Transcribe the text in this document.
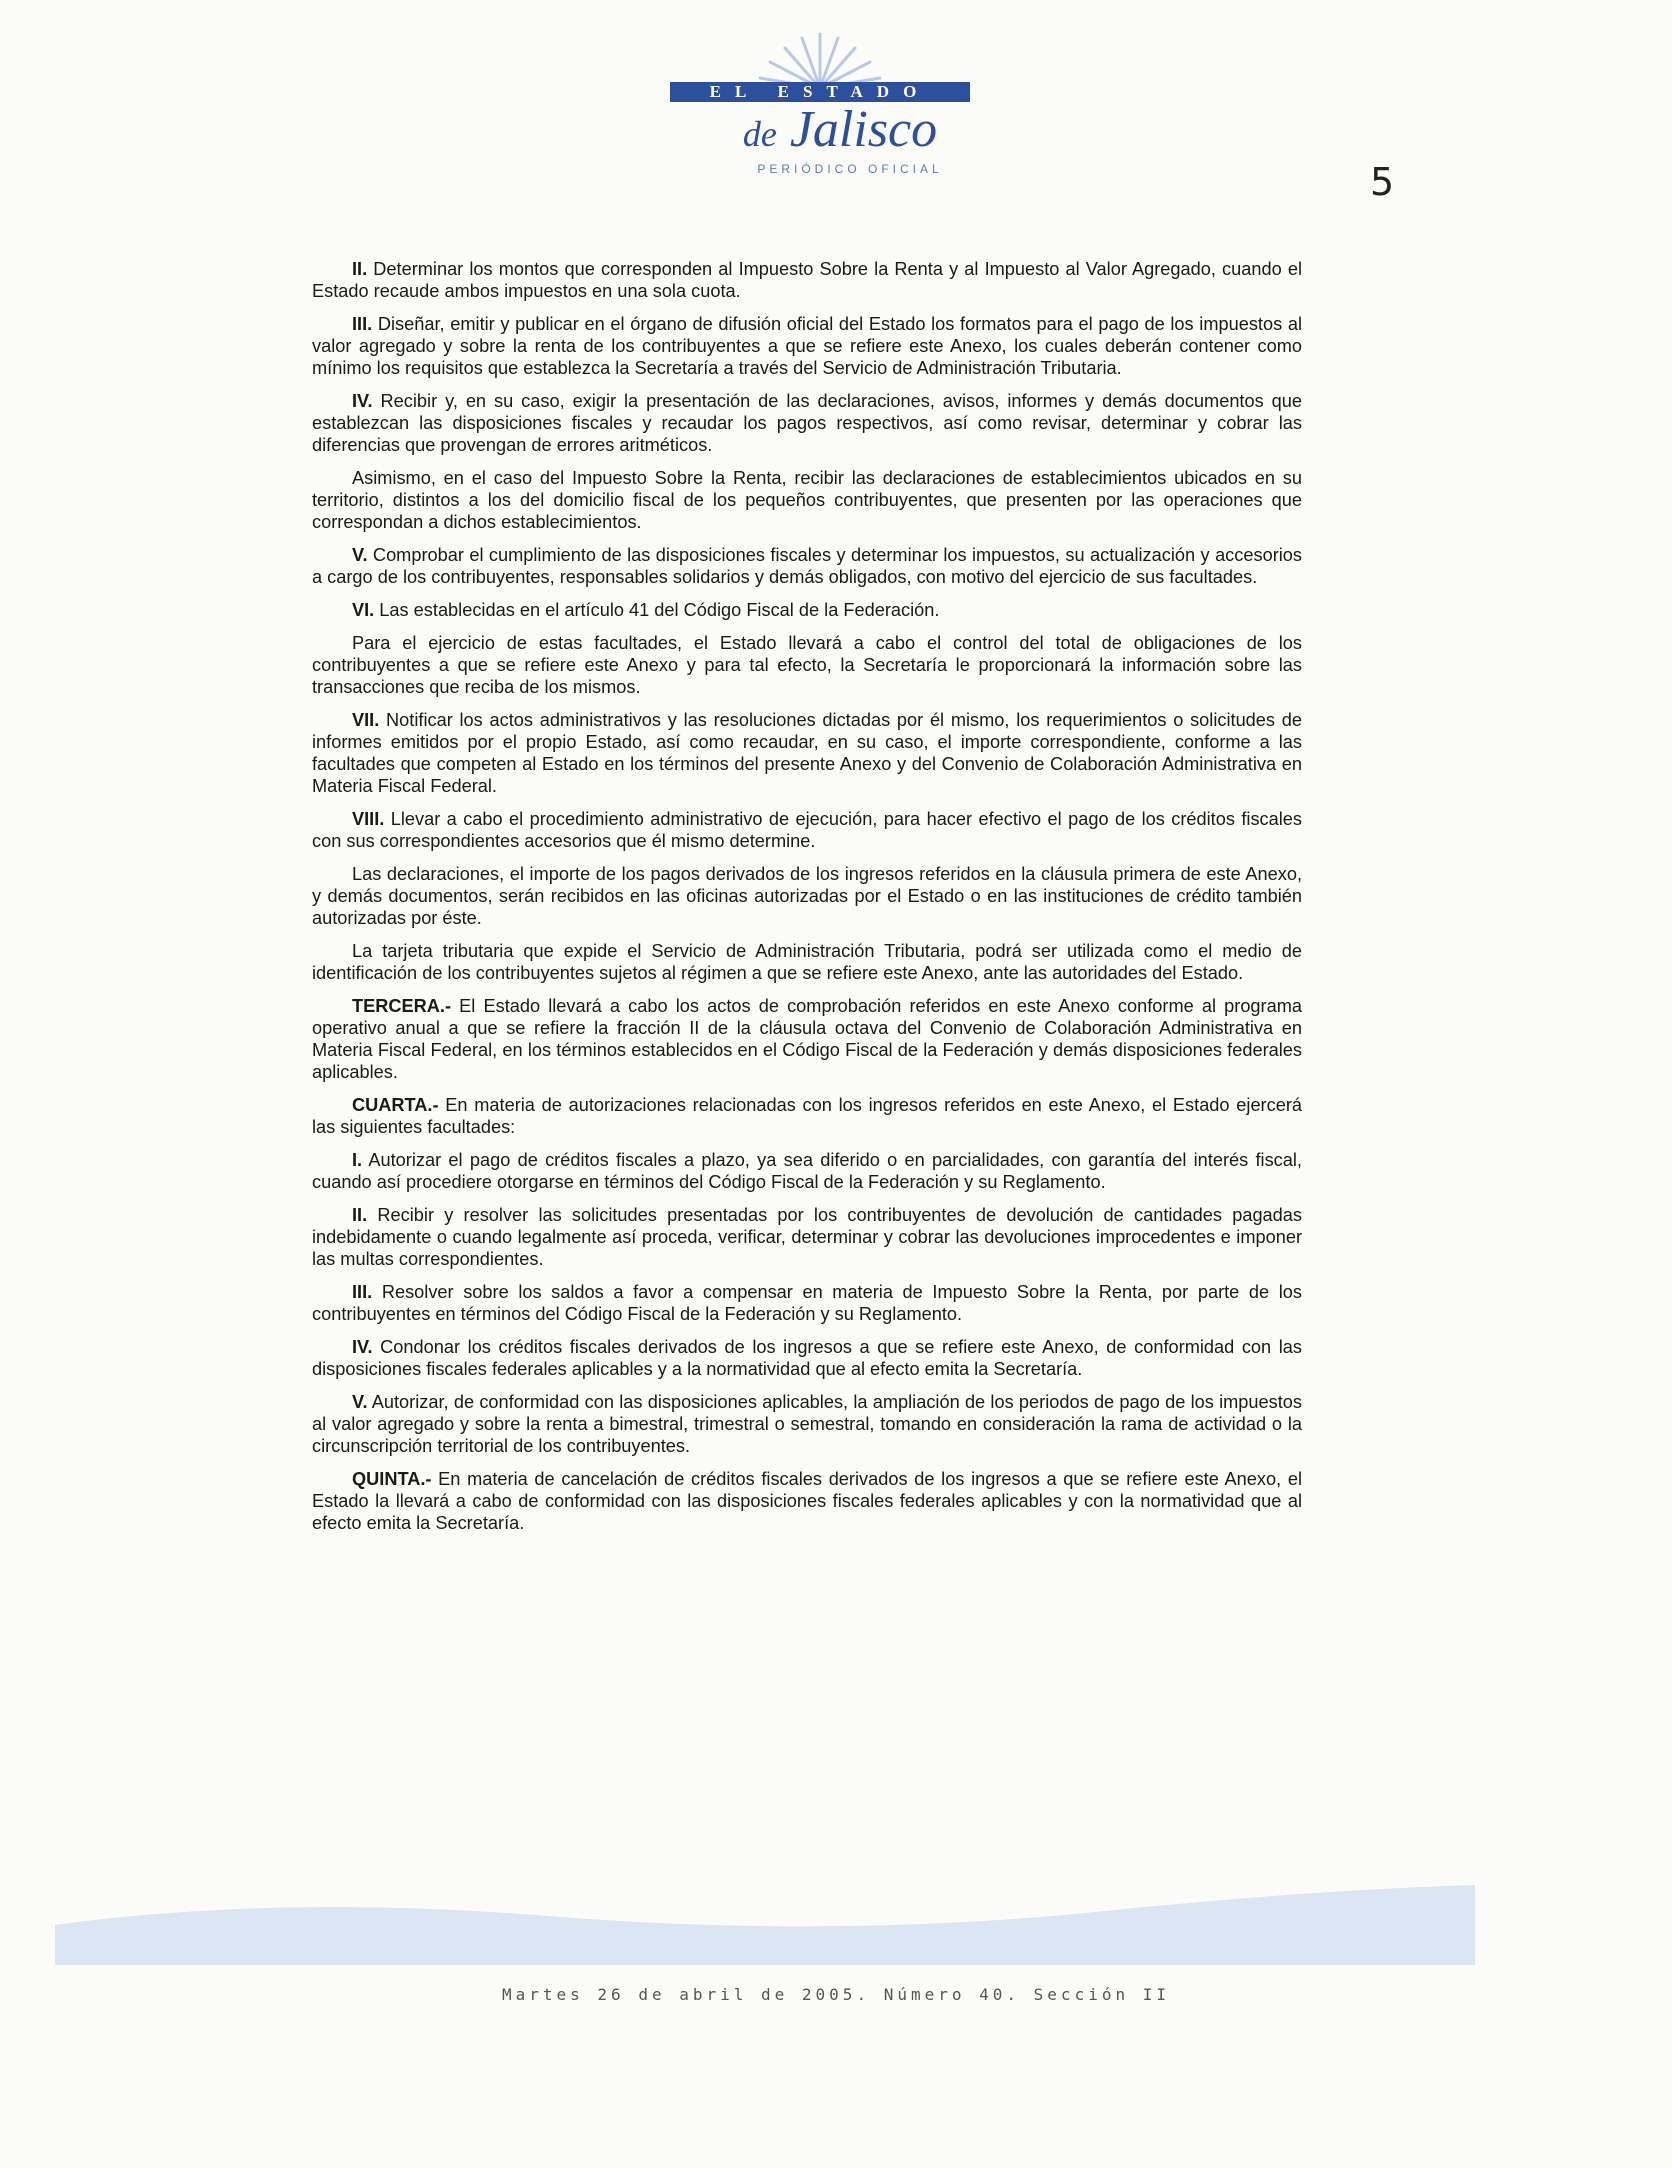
EL ESTADO
de Jalisco
PERIÓDICO OFICIAL	5

II. Determinar los montos que corresponden al Impuesto Sobre la Renta y al Impuesto al Valor Agregado, cuando el Estado recaude ambos impuestos en una sola cuota.

III. Diseñar, emitir y publicar en el órgano de difusión oficial del Estado los formatos para el pago de los impuestos al valor agregado y sobre la renta de los contribuyentes a que se refiere este Anexo, los cuales deberán contener como mínimo los requisitos que establezca la Secretaría a través del Servicio de Administración Tributaria.

IV. Recibir y, en su caso, exigir la presentación de las declaraciones, avisos, informes y demás documentos que establezcan las disposiciones fiscales y recaudar los pagos respectivos, así como revisar, determinar y cobrar las diferencias que provengan de errores aritméticos.

Asimismo, en el caso del Impuesto Sobre la Renta, recibir las declaraciones de establecimientos ubicados en su territorio, distintos a los del domicilio fiscal de los pequeños contribuyentes, que presenten por las operaciones que correspondan a dichos establecimientos.

V. Comprobar el cumplimiento de las disposiciones fiscales y determinar los impuestos, su actualización y accesorios a cargo de los contribuyentes, responsables solidarios y demás obligados, con motivo del ejercicio de sus facultades.

VI. Las establecidas en el artículo 41 del Código Fiscal de la Federación.

Para el ejercicio de estas facultades, el Estado llevará a cabo el control del total de obligaciones de los contribuyentes a que se refiere este Anexo y para tal efecto, la Secretaría le proporcionará la información sobre las transacciones que reciba de los mismos.

VII. Notificar los actos administrativos y las resoluciones dictadas por él mismo, los requerimientos o solicitudes de informes emitidos por el propio Estado, así como recaudar, en su caso, el importe correspondiente, conforme a las facultades que competen al Estado en los términos del presente Anexo y del Convenio de Colaboración Administrativa en Materia Fiscal Federal.

VIII. Llevar a cabo el procedimiento administrativo de ejecución, para hacer efectivo el pago de los créditos fiscales con sus correspondientes accesorios que él mismo determine.

Las declaraciones, el importe de los pagos derivados de los ingresos referidos en la cláusula primera de este Anexo, y demás documentos, serán recibidos en las oficinas autorizadas por el Estado o en las instituciones de crédito también autorizadas por éste.

La tarjeta tributaria que expide el Servicio de Administración Tributaria, podrá ser utilizada como el medio de identificación de los contribuyentes sujetos al régimen a que se refiere este Anexo, ante las autoridades del Estado.

TERCERA.- El Estado llevará a cabo los actos de comprobación referidos en este Anexo conforme al programa operativo anual a que se refiere la fracción II de la cláusula octava del Convenio de Colaboración Administrativa en Materia Fiscal Federal, en los términos establecidos en el Código Fiscal de la Federación y demás disposiciones federales aplicables.

CUARTA.- En materia de autorizaciones relacionadas con los ingresos referidos en este Anexo, el Estado ejercerá las siguientes facultades:

I. Autorizar el pago de créditos fiscales a plazo, ya sea diferido o en parcialidades, con garantía del interés fiscal, cuando así procediere otorgarse en términos del Código Fiscal de la Federación y su Reglamento.

II. Recibir y resolver las solicitudes presentadas por los contribuyentes de devolución de cantidades pagadas indebidamente o cuando legalmente así proceda, verificar, determinar y cobrar las devoluciones improcedentes e imponer las multas correspondientes.

III. Resolver sobre los saldos a favor a compensar en materia de Impuesto Sobre la Renta, por parte de los contribuyentes en términos del Código Fiscal de la Federación y su Reglamento.

IV. Condonar los créditos fiscales derivados de los ingresos a que se refiere este Anexo, de conformidad con las disposiciones fiscales federales aplicables y a la normatividad que al efecto emita la Secretaría.

V. Autorizar, de conformidad con las disposiciones aplicables, la ampliación de los periodos de pago de los impuestos al valor agregado y sobre la renta a bimestral, trimestral o semestral, tomando en consideración la rama de actividad o la circunscripción territorial de los contribuyentes.

QUINTA.- En materia de cancelación de créditos fiscales derivados de los ingresos a que se refiere este Anexo, el Estado la llevará a cabo de conformidad con las disposiciones fiscales federales aplicables y con la normatividad que al efecto emita la Secretaría.

Martes 26 de abril de 2005. Número 40. Sección II
